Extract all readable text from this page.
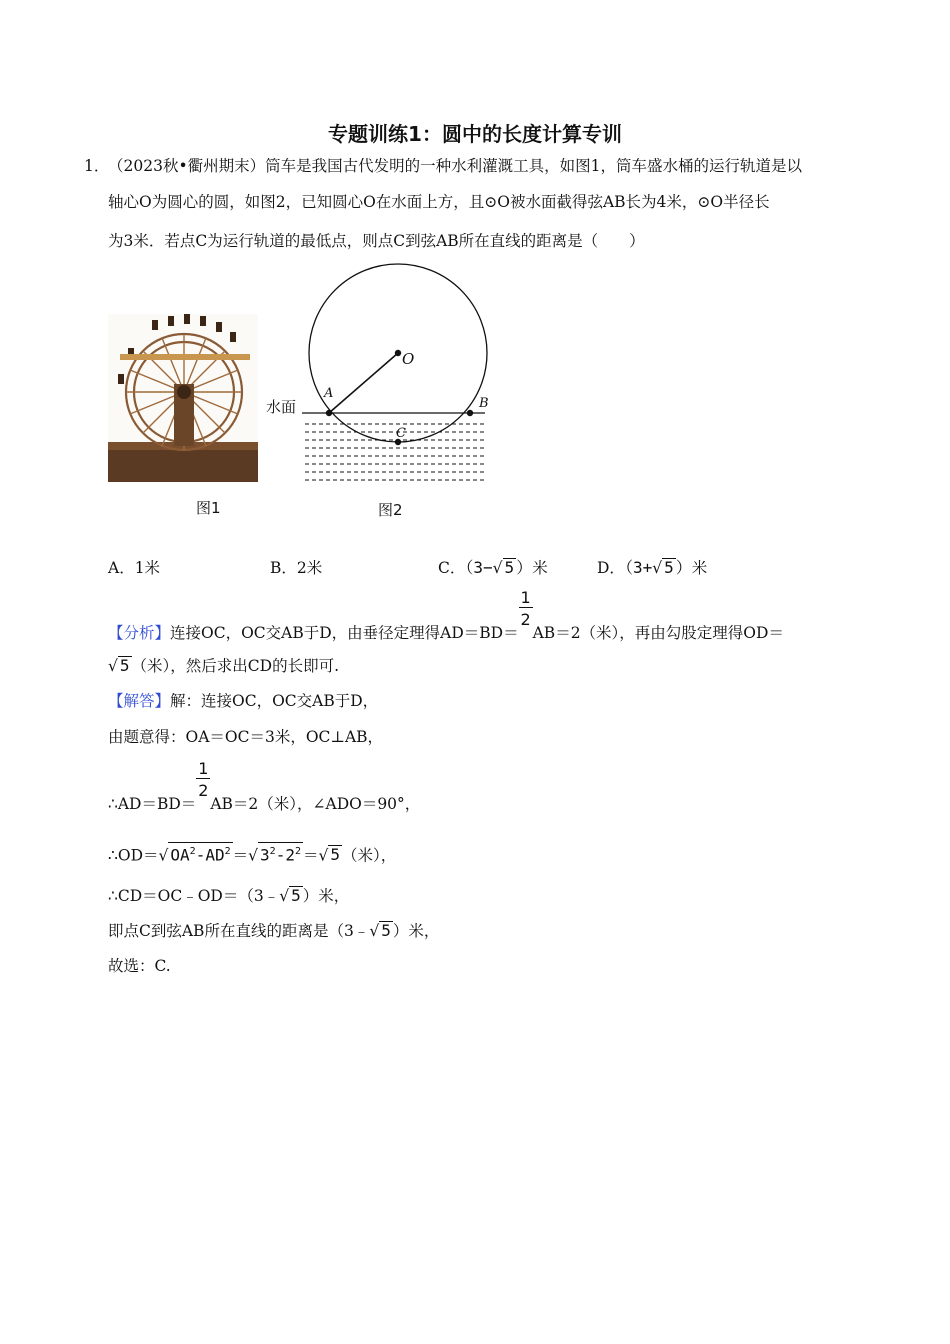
专题训练1：圆中的长度计算专训
1．
（2023秋•衢州期末）筒车是我国古代发明的一种水利灌溉工具，如图1，筒车盛水桶的运行轨道是以
轴心O为圆心的圆，如图2，已知圆心O在水面上方，且⊙O被水面截得弦AB长为4米，⊙O半径长
为3米．若点C为运行轨道的最低点，则点C到弦AB所在直线的距离是（　　）
图1
O
A
B
C
水面
图2
A．1米	B．2米	C．（3−√ 5 ）米	D．（3+√ 5 ）米
【分析】连接OC，OC交AB于D，由垂径定理得$AD=BD= \frac{1}{2} AB=2$（米），再由勾股定理得OD＝
√ 5 （米），然后求出CD的长即可.
【解答】解：连接OC，OC交AB于D，
由题意得：OA＝OC＝3米，OC⊥AB，
∴AD＝BD＝ $\frac{1}{2} AB=2$（米），∠ADO＝90°，
∴OD＝√ $OA^2-AD^2$ ＝√ $3^2-2^2$ ＝√ 5 （米），
∴CD＝OC﹣OD＝（3﹣√ 5 ）米，
即点C到弦AB所在直线的距离是（3﹣√ 5 ）米，
故选：C.
